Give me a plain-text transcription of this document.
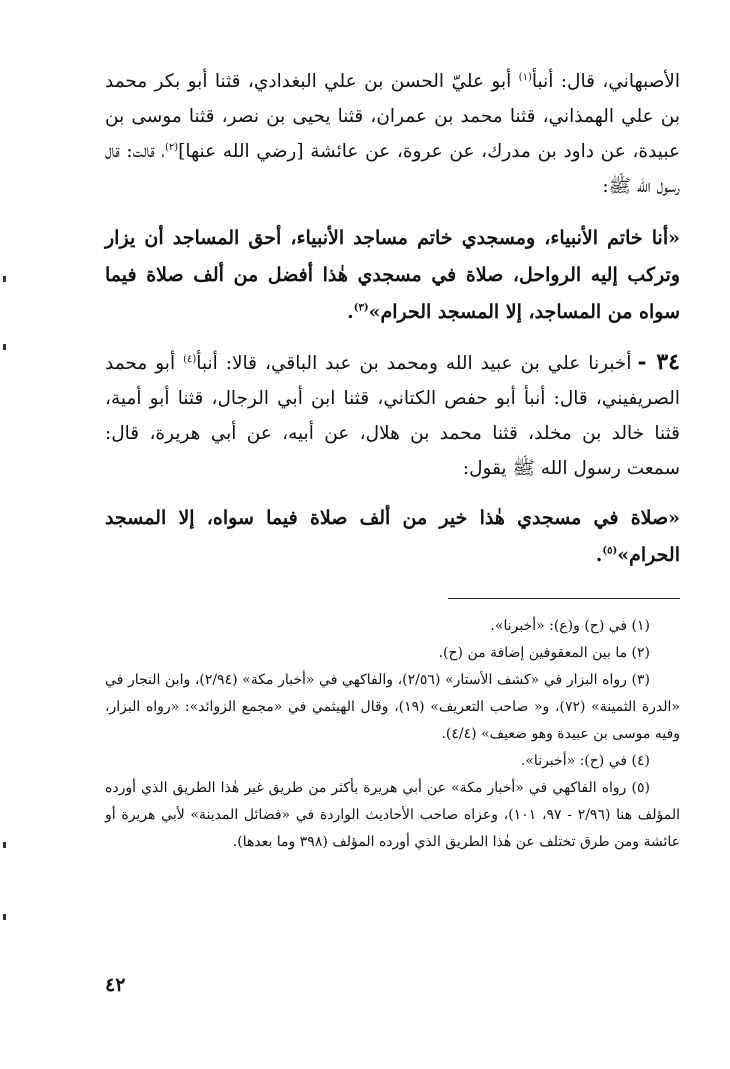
الأصبهاني، قال: أنبأ$^{(١)}$ أبو عليّ الحسن بن علي البغدادي، قثنا أبو بكر محمد بن علي الهمذاني، قثنا محمد بن عمران، قثنا يحيى بن نصر، قثنا موسى بن عبيدة، عن داود بن مدرك، عن عروة، عن عائشة [رضي الله عنها]$^{(٢)}$، قالت: قال رسول الله ﷺ:

«أنا خاتم الأنبياء، ومسجدي خاتم مساجد الأنبياء، أحق المساجد أن يزار وتركب إليه الرواحل، صلاة في مسجدي هٰذا أفضل من ألف صلاة فيما سواه من المساجد، إلا المسجد الحرام»$^{(٣)}$.

٣٤ -أخبرنا علي بن عبيد الله ومحمد بن عبد الباقي، قالا: أنبأ$^{(٤)}$ أبو محمد الصريفيني، قال: أنبأ أبو حفص الكتاني، قثنا ابن أبي الرجال، قثنا أبو أمية، قثنا خالد بن مخلد، قثنا محمد بن هلال، عن أبيه، عن أبي هريرة، قال: سمعت رسول الله ﷺ يقول:

«صلاة في مسجدي هٰذا خير من ألف صلاة فيما سواه، إلا المسجد الحرام»$^{(٥)}$.

(١) في (ح) و(ع): «أخبرنا».

(٢) ما بين المعقوفين إضافة من (ح).

(٣) رواه البزار في «كشف الأستار» (٢/٥٦)، والفاكهي في «أخبار مكة» (٢/٩٤)، وابن النجار في «الدرة الثمينة» (٧٢)، و« صاحب التعريف» (١٩)، وقال الهيثمي في «مجمع الزوائد»: «رواه البزار، وفيه موسى بن عبيدة وهو ضعيف» (٤/٤).

(٤) في (ح): «أخبرنا».

(٥) رواه الفاكهي في «أخبار مكة» عن أبي هريرة بأكثر من طريق غير هٰذا الطريق الذي أورده المؤلف هنا (٢/٩٦ - ٩٧، ١٠١)، وعزاه صاحب الأحاديث الواردة في «فضائل المدينة» لأبي هريرة أو عائشة ومن طرق تختلف عن هٰذا الطريق الذي أورده المؤلف (٣٩٨ وما بعدها).

٤٢
